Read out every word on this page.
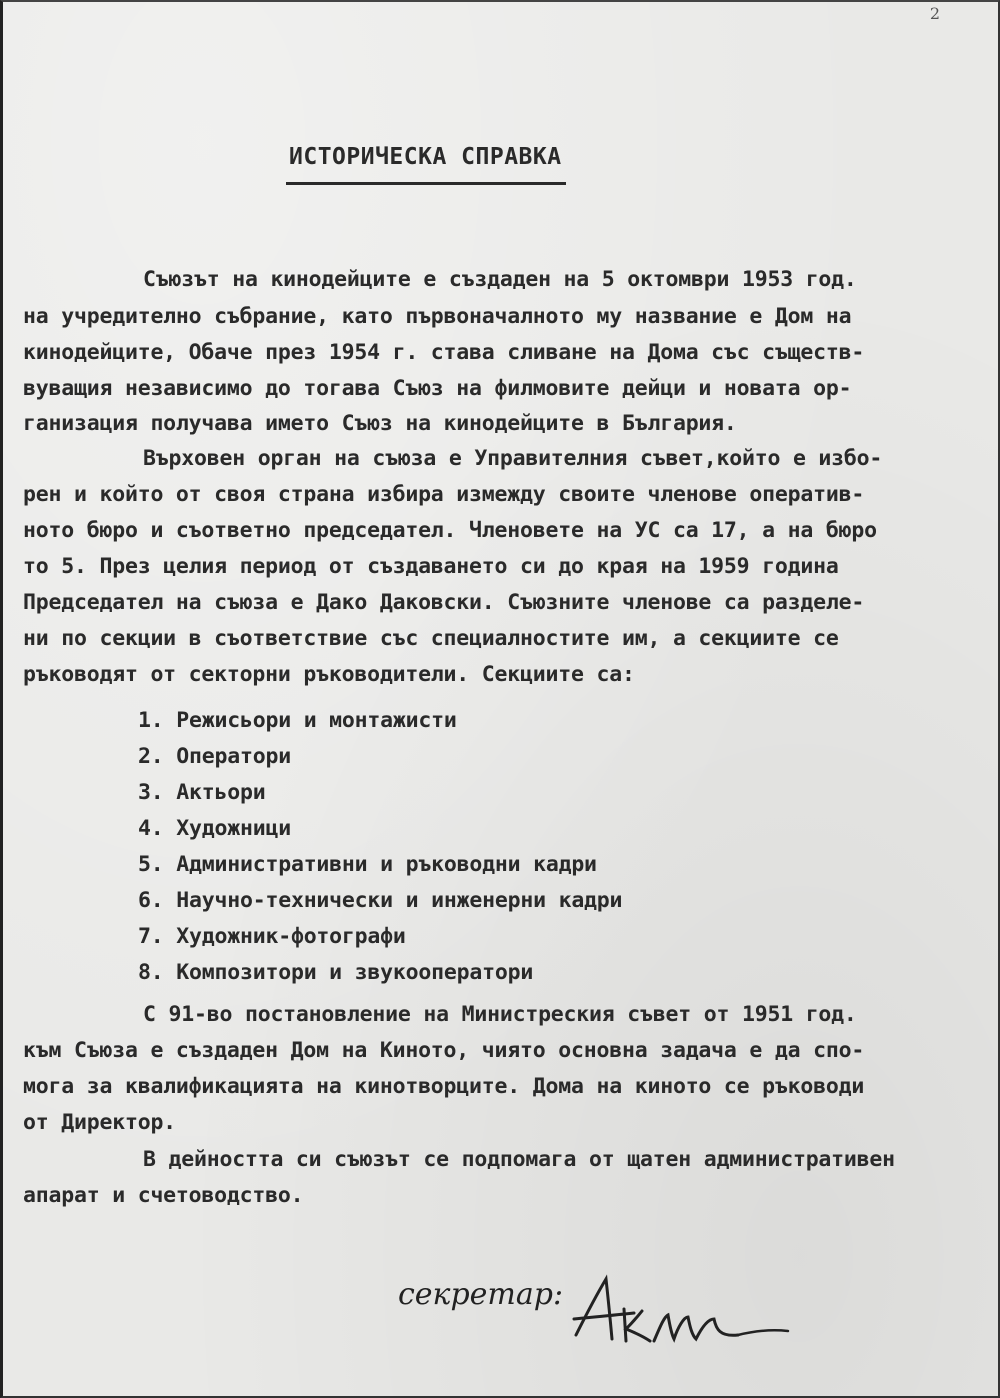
2
ИСТОРИЧЕСКА СПРАВКА
Съюзът на кинодейците е създаден на 5 октомври 1953 год.
на учредително събрание, като първоначалното му название е Дом на
кинодейците, Обаче през 1954 г. става сливане на Дома със съществ-
вуващия независимо до тогава Съюз на филмовите дейци и новата ор-
ганизация получава името Съюз на кинодейците в България.
Върховен орган на съюза е Управителния съвет,който е избо-
рен и който от своя страна избира измежду своите членове оператив-
ното бюро и съответно председател. Членовете на УС са 17, а на бюро
то 5. През целия период от създаването си до края на 1959 година
Председател на съюза е Дако Даковски. Съюзните членове са разделе-
ни по секции в съответствие със специалностите им, а секциите се
ръководят от секторни ръководители. Секциите са:
1. Режисьори и монтажисти
2. Оператори
3. Актьори
4. Художници
5. Административни и ръководни кадри
6. Научно-технически и инженерни кадри
7. Художник-фотографи
8. Композитори и звукооператори
С 91-во постановление на Министреския съвет от 1951 год.
към Съюза е създаден Дом на Киното, чиято основна задача е да спо-
мога за квалификацията на кинотворците. Дома на киното се ръководи
от Директор.
В дейността си съюзът се подпомага от щатен административен
апарат и счетоводство.
секретар:
